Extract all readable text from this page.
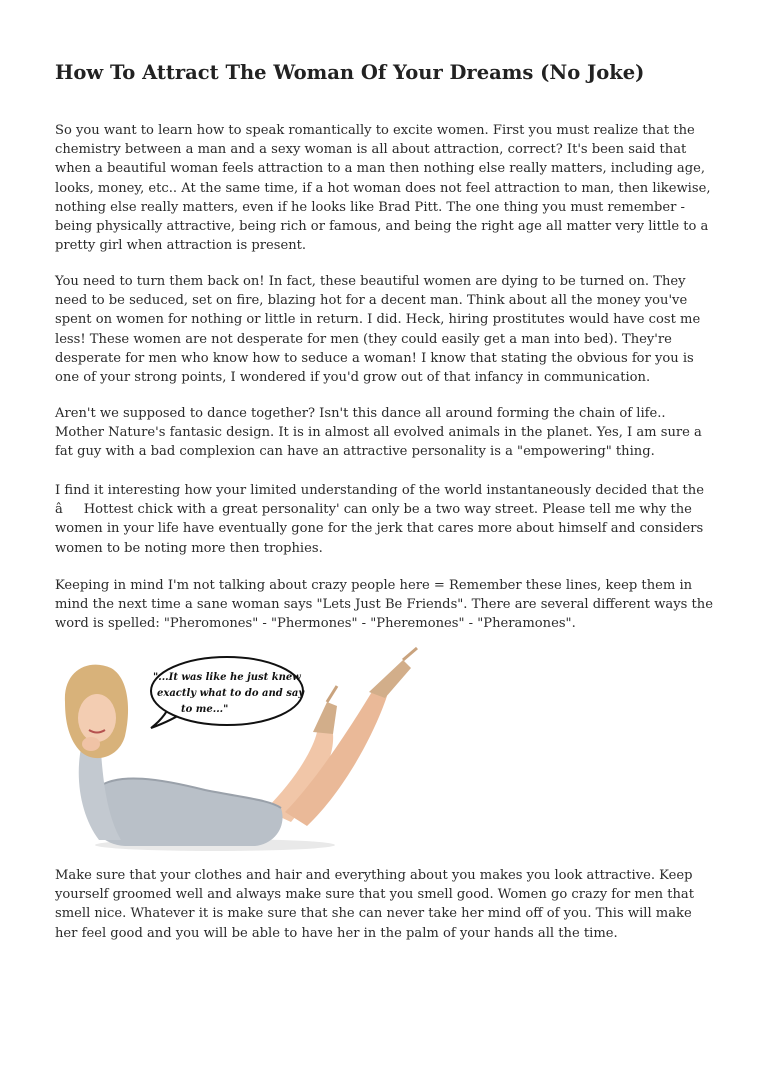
How To Attract The Woman Of Your Dreams (No Joke)

So you want to learn how to speak romantically to excite women. First you must realize that the chemistry between a man and a sexy woman is all about attraction, correct? It's been said that when a beautiful woman feels attraction to a man then nothing else really matters, including age, looks, money, etc.. At the same time, if a hot woman does not feel attraction to man, then likewise, nothing else really matters, even if he looks like Brad Pitt. The one thing you must remember -being physically attractive, being rich or famous, and being the right age all matter very little to a pretty girl when attraction is present.

You need to turn them back on! In fact, these beautiful women are dying to be turned on. They need to be seduced, set on fire, blazing hot for a decent man. Think about all the money you've spent on women for nothing or little in return. I did. Heck, hiring prostitutes would have cost me less! These women are not desperate for men (they could easily get a man into bed). They're desperate for men who know how to seduce a woman! I know that stating the obvious for you is one of your strong points, I wondered if you'd grow out of that infancy in communication.

Aren't we supposed to dance together? Isn't this dance all around forming the chain of life.. Mother Nature's fantasic design. It is in almost all evolved animals in the planet. Yes, I am sure a fat guy with a bad complexion can have an attractive personality is a "empowering" thing.

I find it interesting how your limited understanding of the world instantaneously decided that the âHottest chick with a great personality' can only be a two way street. Please tell me why the women in your life have eventually gone for the jerk that cares more about himself and considers women to be noting more then trophies.

Keeping in mind I'm not talking about crazy people here = Remember these lines, keep them in mind the next time a sane woman says "Lets Just Be Friends". There are several different ways the word is spelled: "Pheromones" - "Phermones" - "Pheremones" - "Pheramones".

"...It was like he just knew
exactly what to do and say
to me..."

Make sure that your clothes and hair and everything about you makes you look attractive. Keep yourself groomed well and always make sure that you smell good. Women go crazy for men that smell nice. Whatever it is make sure that she can never take her mind off of you. This will make her feel good and you will be able to have her in the palm of your hands all the time.
